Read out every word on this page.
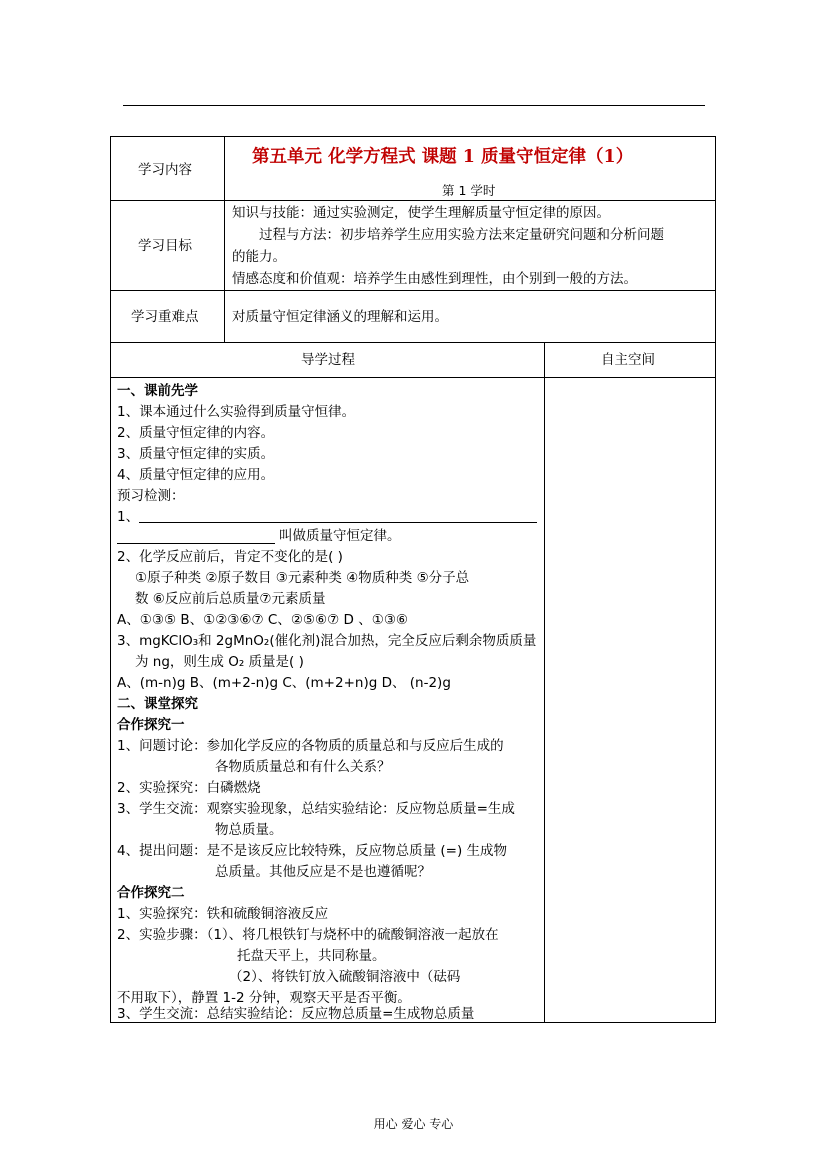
学习内容
第五单元 化学方程式 课题 1 质量守恒定律（1）
第 1 学时
学习目标
知识与技能：通过实验测定，使学生理解质量守恒定律的原因。
过程与方法：初步培养学生应用实验方法来定量研究问题和分析问题
的能力。
情感态度和价值观：培养学生由感性到理性，由个别到一般的方法。
学习重难点 对质量守恒定律涵义的理解和运用。
导学过程	自主空间
一、课前先学
1、课本通过什么实验得到质量守恒律。
2、质量守恒定律的内容。
3、质量守恒定律的实质。
4、质量守恒定律的应用。
预习检测：
1、
叫做质量守恒定律。
2、化学反应前后，肯定不变化的是( )
①原子种类 ②原子数目 ③元素种类 ④物质种类 ⑤分子总
数 ⑥反应前后总质量⑦元素质量
A、①③⑤ B、①②③⑥⑦ C、②⑤⑥⑦ D 、①③⑥
3、mgKClO₃和 2gMnO₂(催化剂)混合加热，完全反应后剩余物质质量
为 ng，则生成 O₂ 质量是( )
A、(m-n)g B、(m+2-n)g C、(m+2+n)g D、 (n-2)g
二、课堂探究
合作探究一
1、问题讨论：参加化学反应的各物质的质量总和与反应后生成的
各物质质量总和有什么关系？
2、实验探究：白磷燃烧
3、学生交流：观察实验现象，总结实验结论：反应物总质量=生成
物总质量。
4、提出问题：是不是该反应比较特殊，反应物总质量 (=) 生成物
总质量。其他反应是不是也遵循呢？
合作探究二
1、实验探究：铁和硫酸铜溶液反应
2、实验步骤：（1）、将几根铁钉与烧杯中的硫酸铜溶液一起放在
托盘天平上，共同称量。
（2）、将铁钉放入硫酸铜溶液中（砝码
不用取下），静置 1-2 分钟，观察天平是否平衡。
3、学生交流：总结实验结论：反应物总质量=生成物总质量
用心 爱心 专心
